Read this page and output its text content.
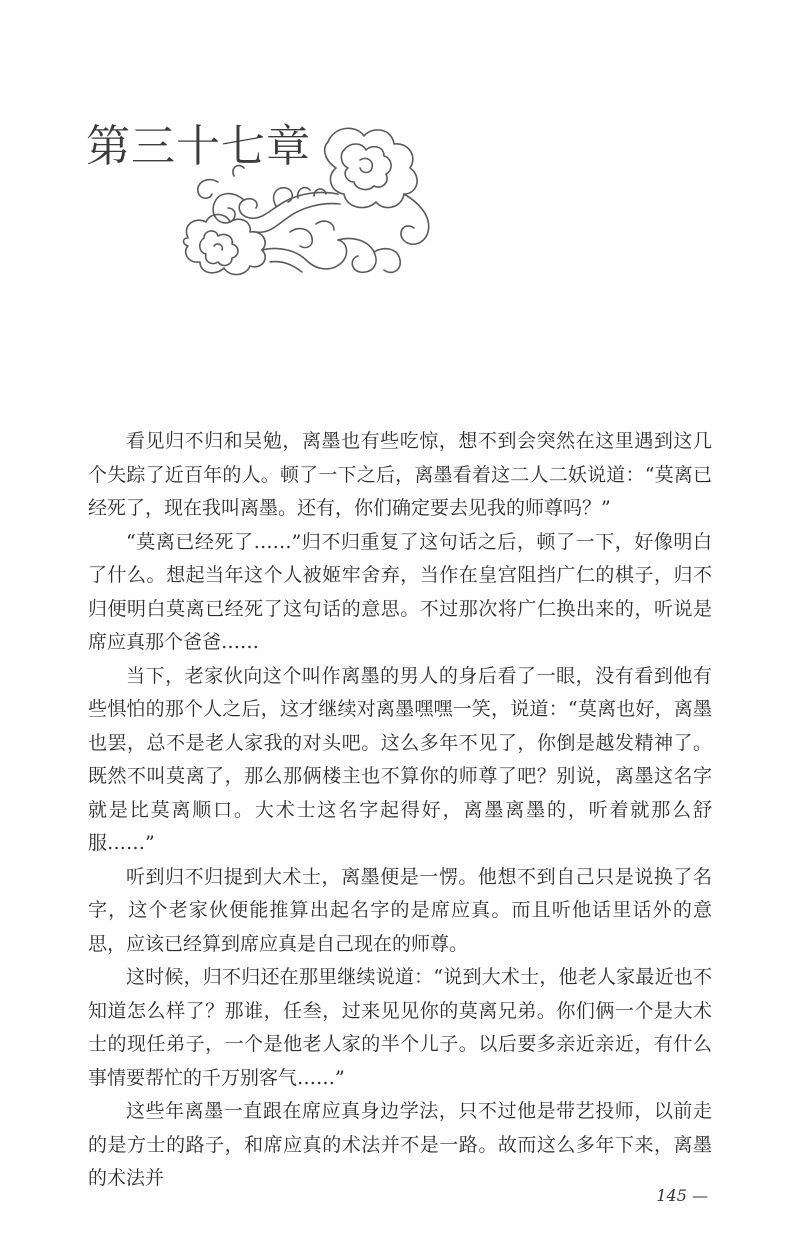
第三十七章

看见归不归和吴勉，离墨也有些吃惊，想不到会突然在这里遇到这几个失踪了近百年的人。顿了一下之后，离墨看着这二人二妖说道：“莫离已经死了，现在我叫离墨。还有，你们确定要去见我的师尊吗？”

“莫离已经死了……”归不归重复了这句话之后，顿了一下，好像明白了什么。想起当年这个人被姬牢舍弃，当作在皇宫阻挡广仁的棋子，归不归便明白莫离已经死了这句话的意思。不过那次将广仁换出来的，听说是席应真那个爸爸……

当下，老家伙向这个叫作离墨的男人的身后看了一眼，没有看到他有些惧怕的那个人之后，这才继续对离墨嘿嘿一笑，说道：“莫离也好，离墨也罢，总不是老人家我的对头吧。这么多年不见了，你倒是越发精神了。既然不叫莫离了，那么那俩楼主也不算你的师尊了吧？别说，离墨这名字就是比莫离顺口。大术士这名字起得好，离墨离墨的，听着就那么舒服……”

听到归不归提到大术士，离墨便是一愣。他想不到自己只是说换了名字，这个老家伙便能推算出起名字的是席应真。而且听他话里话外的意思，应该已经算到席应真是自己现在的师尊。

这时候，归不归还在那里继续说道：“说到大术士，他老人家最近也不知道怎么样了？那谁，任叁，过来见见你的莫离兄弟。你们俩一个是大术士的现任弟子，一个是他老人家的半个儿子。以后要多亲近亲近，有什么事情要帮忙的千万别客气……”

这些年离墨一直跟在席应真身边学法，只不过他是带艺投师，以前走的是方士的路子，和席应真的术法并不是一路。故而这么多年下来，离墨的术法并

145 —
